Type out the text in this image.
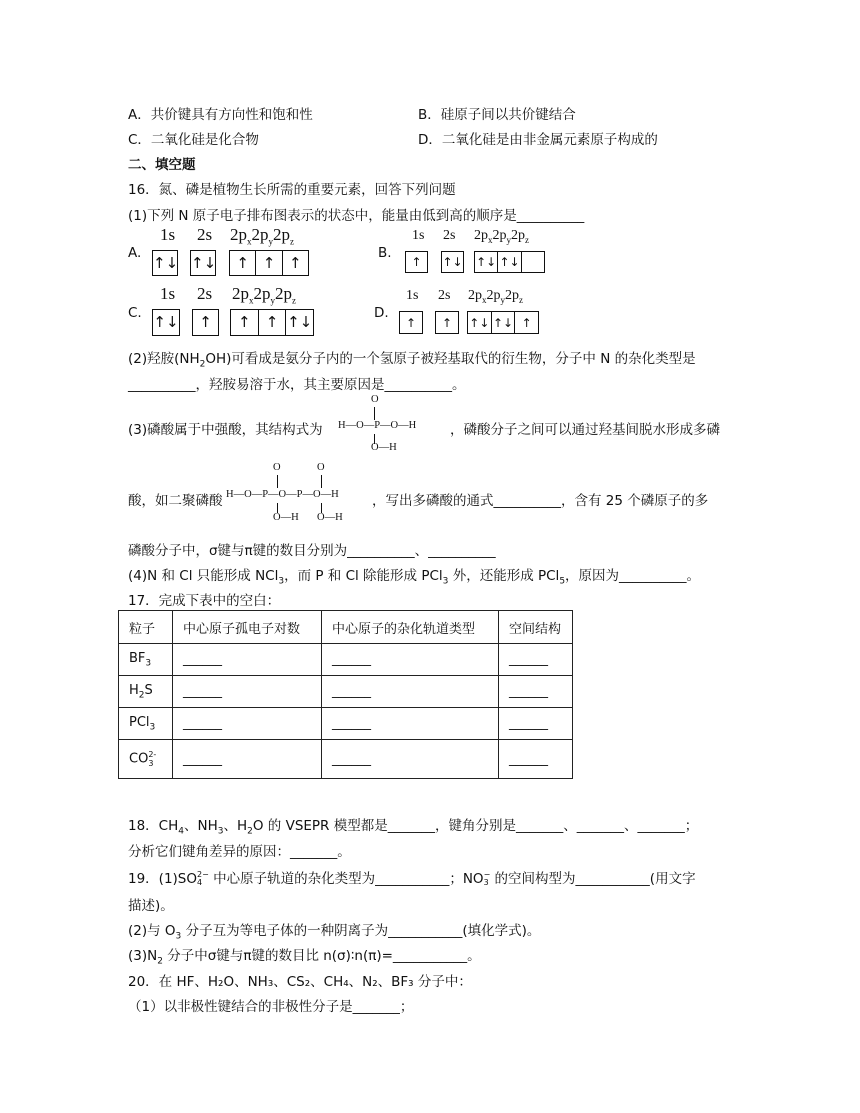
A．共价键具有方向性和饱和性	B．硅原子间以共价键结合
C．二氧化硅是化合物	D．二氧化硅是由非金属元素原子构成的
二、填空题
16．氮、磷是植物生长所需的重要元素，回答下列问题
(1)下列 N 原子电子排布图表示的状态中，能量由低到高的顺序是__________
A.
1s 2s $2p_x2p_y2p_z$
↑↓ ↑↓	↑ ↑ ↑
B.
1s 2s $2p_x2p_y2p_z$
↑	↑↓ ↑↓ ↑↓
C.
1s 2s $2p_x2p_y2p_z$
↑↓	↑	↑	↑ ↑↓	D.
1s 2s $2p_x2p_y2p_z$
↑	↑	↑↓ ↑↓ ↑
(2)羟胺$(NH_2OH)$可看成是氨分子内的一个氢原子被羟基取代的衍生物，分子中 N 的杂化类型是
__________，羟胺易溶于水，其主要原因是__________。
(3)磷酸属于中强酸，其结构式为
O
H—O—P—O—H
O—H
，磷酸分子之间可以通过羟基间脱水形成多磷
酸，如二聚磷酸
O	O
H—O—P—O—P—O—H
O—H O—H
，写出多磷酸的通式__________，含有 25 个磷原子的多
磷酸分子中，σ键与π键的数目分别为__________、__________
(4)N 和 Cl 只能形成 NCl$_3$，而 P 和 Cl 除能形成 PCl$_3$ 外，还能形成 PCl$_5$，原因为__________。
17．完成下表中的空白：
粒子	中心原子孤电子对数	中心原子的杂化轨道类型	空间结构
$BF_3$	______	______	______
$H_2S$	______	______	______
PCl$_3$	______	______	______
CO 2-
3	______	______	______
18．$CH_4$、$NH_3$、$H_2O$ 的 VSEPR 模型都是_______，键角分别是_______、_______、_______；
分析它们键角差异的原因：_______。
19．(1)SO 2−
4 中心原子轨道的杂化类型为___________；NO −
3 的空间构型为___________(用文字
描述)。
(2)与 $O_3$ 分子互为等电子体的一种阴离子为___________(填化学式)。
$(3)N_2$ 分子中σ键与π键的数目比 n(σ)∶n(π)=___________。
20．在 HF、H₂O、NH₃、CS₂、CH₄、N₂、BF₃ 分子中：
（1）以非极性键结合的非极性分子是_______；
